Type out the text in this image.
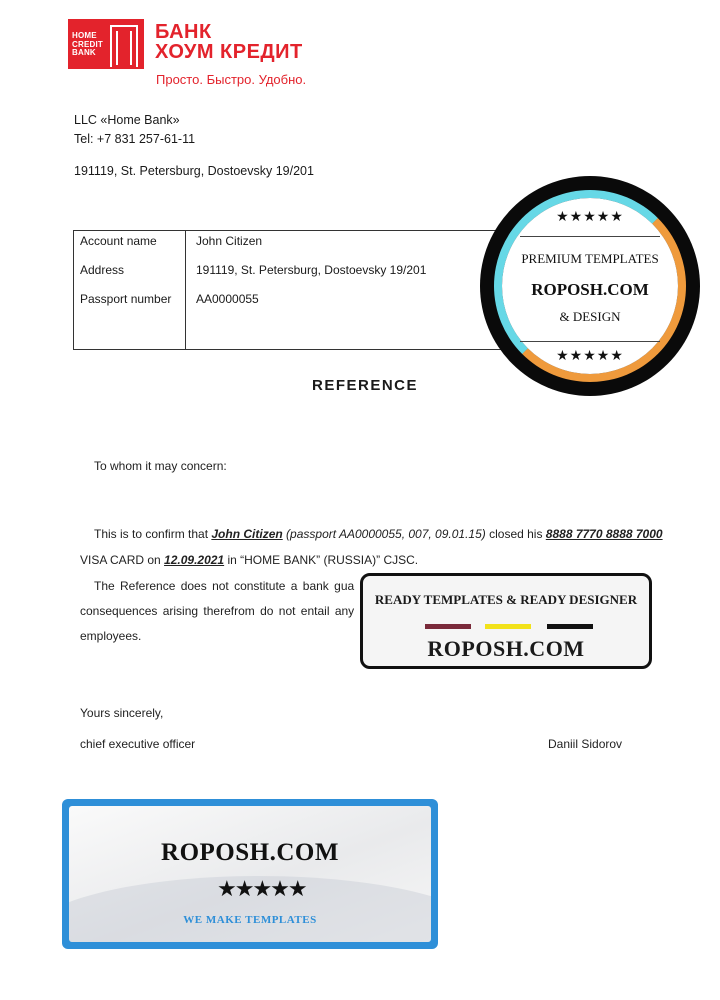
HOME
CREDIT
BANK
БАНК
ХОУМ КРЕДИТ
Просто. Быстро. Удобно.
LLC «Home Bank»
Tel: +7 831 257-61-11
191119, St. Petersburg, Dostoevsky 19/201
Account name	John Citizen
Address	191119, St. Petersburg, Dostoevsky 19/201
Passport number AA0000055
REFERENCE
To whom it may concern:
This is to confirm that John Citizen (passport AA0000055, 007, 09.01.15) closed his 8888 7770 8888 7000
VISA CARD on 12.09.2021 in “HOME BANK” (RUSSIA)” CJSC.
The Reference does not constitute a bank gua
consequences arising therefrom do not entail any
employees.
Yours sincerely,
chief executive officer	Daniil Sidorov
★★★★★
PREMIUM TEMPLATES
ROPOSH.COM
& DESIGN
★★★★★
READY TEMPLATES & READY DESIGNER
ROPOSH.COM
ROPOSH.COM
★★★★★
WE MAKE TEMPLATES
